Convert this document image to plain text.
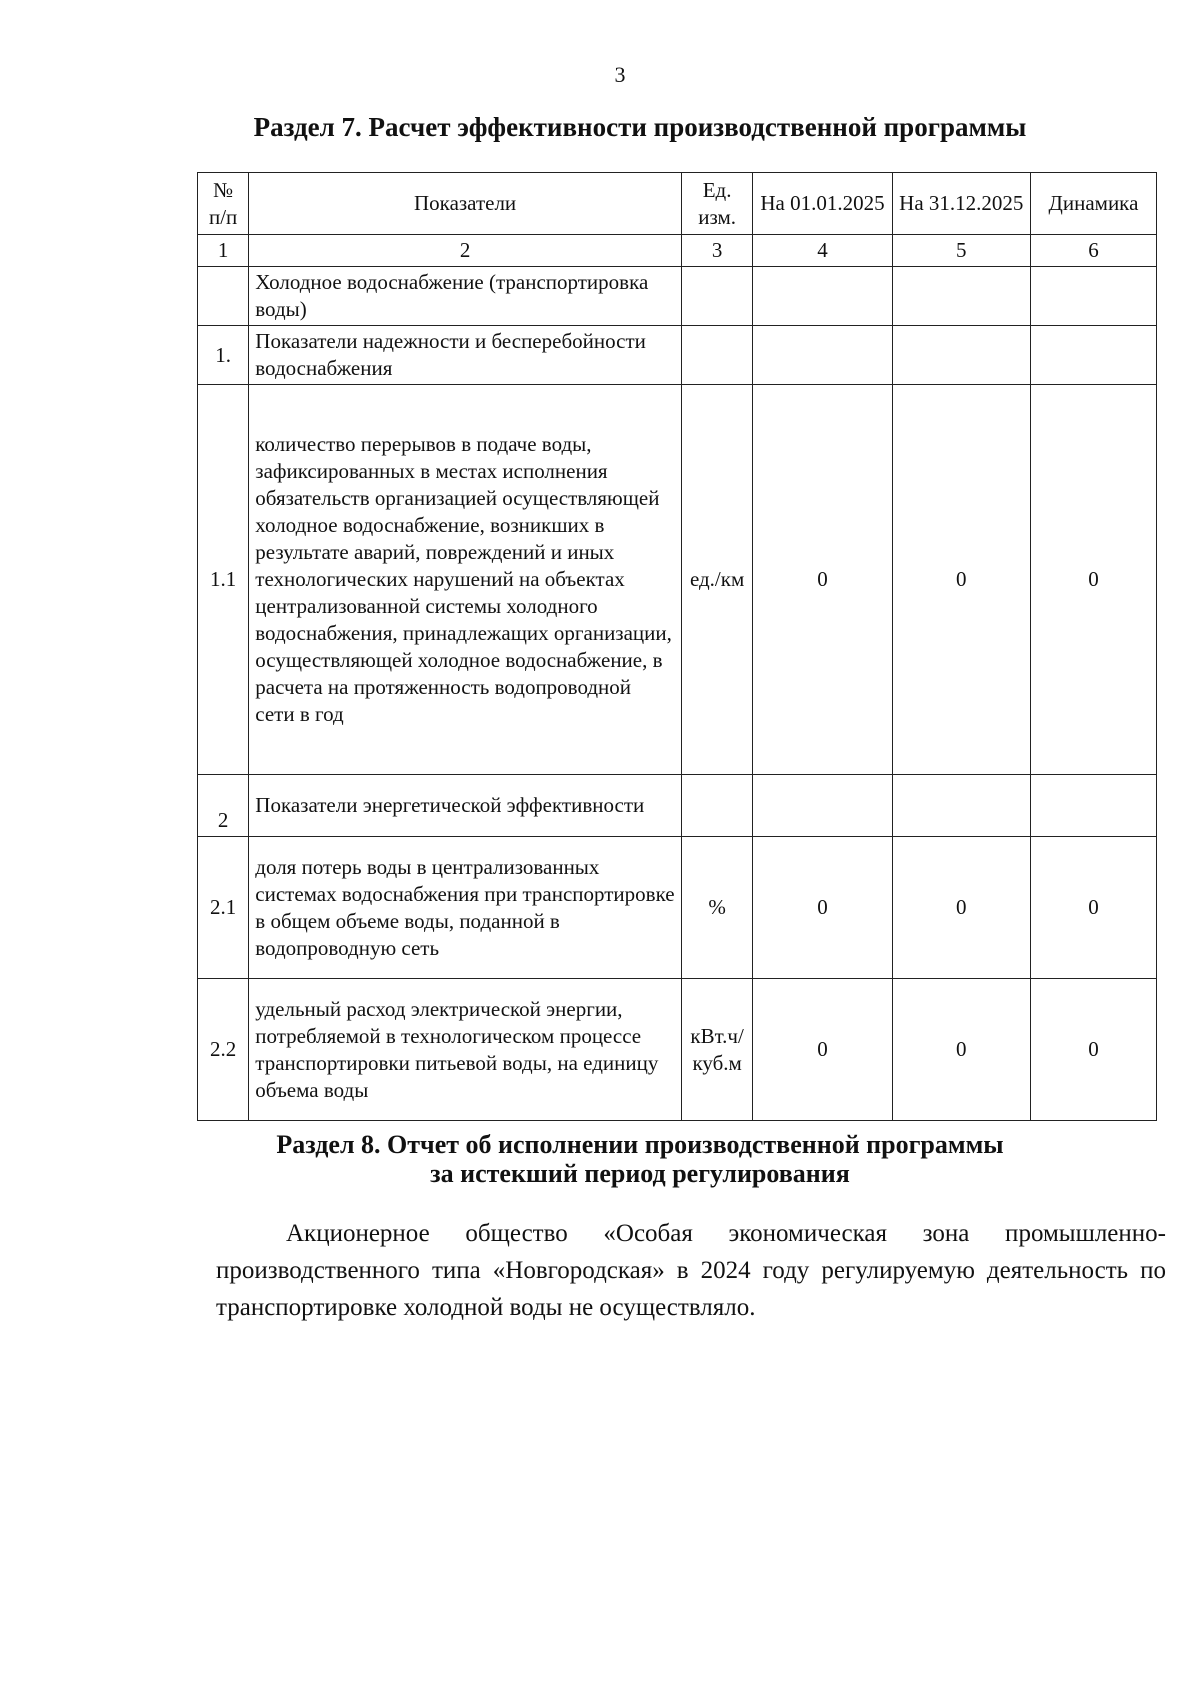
3
Раздел 7. Расчет эффективности производственной программы
№ п/п	Показатели	Ед. изм.	На 01.01.2025	На 31.12.2025	Динамика
1	2	3	4	5	6
	Холодное водоснабжение (транспортировка воды)				
1.	Показатели надежности и бесперебойности водоснабжения				
1.1	количество перерывов в подаче воды, зафиксированных в местах исполнения обязательств организацией осуществляющей холодное водоснабжение, возникших в результате аварий, повреждений и иных технологических нарушений на объектах централизованной системы холодного водоснабжения, принадлежащих организации, осуществляющей холодное водоснабжение, в расчета на протяженность водопроводной сети в год	ед./км	0	0	0
2	Показатели энергетической эффективности				
2.1	доля потерь воды в централизованных системах водоснабжения при транспортировке в общем объеме воды, поданной в водопроводную сеть	%	0	0	0
2.2	удельный расход электрической энергии, потребляемой в технологическом процессе транспортировки питьевой воды, на единицу объема воды	кВт.ч/куб.м	0	0	0
Раздел 8. Отчет об исполнении производственной программы
за истекший период регулирования
Акционерное общество «Особая экономическая зона промышленно-производственного типа «Новгородская» в 2024 году регулируемую деятельность по транспортировке холодной воды не осуществляло.
